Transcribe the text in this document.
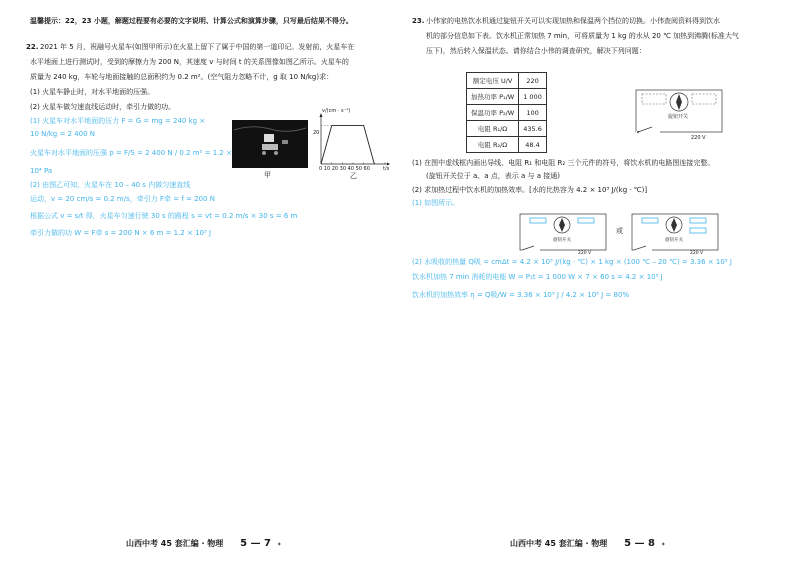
温馨提示：22，23 小题，解题过程要有必要的文字说明、计算公式和演算步骤，只写最后结果不得分。
22. 2021 年 5 月，祝融号火星车(如图甲所示)在火星上留下了属于中国的第一道印记。发射前，火星车在
水平地面上进行测试时，受到的摩擦力为 200 N，其速度 v 与时间 t 的关系图像如图乙所示。火星车的
质量为 240 kg，车轮与地面接触的总面积约为 0.2 m²。(空气阻力忽略不计，g 取 10 N/kg)求：
(1) 火星车静止时，对水平地面的压强。
(2) 火星车做匀速直线运动时，牵引力做的功。
(1) 火星车对水平地面的压力 F = G = mg = 240 kg ×
10 N/kg = 2 400 N
火星车对水平地面的压强 p = F/S = 2 400 N / 0.2 m² = 1.2 ×
10⁴ Pa
(2) 由图乙可知，火星车在 10 – 40 s 内做匀速直线
运动，v = 20 cm/s = 0.2 m/s，牵引力 F牵 = f = 200 N
根据公式 v = s/t 得，火星车匀速行驶 30 s 的路程 s = vt = 0.2 m/s × 30 s = 6 m
牵引力做的功 W = F牵 s = 200 N × 6 m = 1.2 × 10³ J
甲
v/(cm · s⁻¹)
20
0 10 20 30 40 50 60	t/s
乙
山西中考 45 套汇编 · 物理 5 — 7 ◈
23. 小伟家的电热饮水机通过旋钮开关可以实现加热和保温两个挡位的切换。小伟查阅资料得到饮水
机的部分信息如下表。饮水机正常加热 7 min，可将质量为 1 kg 的水从 20 ℃ 加热到沸腾(标准大气
压下)，然后转入保温状态。请你结合小伟的调查研究，解决下列问题：
额定电压 U/V	220
加热功率 P₁/W	1 000
保温功率 P₂/W	100
电阻 R₁/Ω	435.6
电阻 R₂/Ω	48.4
旋钮开关
220 V
(1) 在图中虚线框内画出导线、电阻 R₁ 和电阻 R₂ 三个元件的符号，将饮水机的电路图连接完整。
(旋钮开关位于 a、a 点，表示 a 与 a 接通)
(2) 求加热过程中饮水机的加热效率。[水的比热容为 4.2 × 10³ J/(kg · ℃)]
(1) 如图所示。
旋钮开关
220 V
或
旋钮开关
220 V
(2) 水吸收的热量 Q吸 = cmΔt = 4.2 × 10³ J/(kg · ℃) × 1 kg × (100 ℃ – 20 ℃) = 3.36 × 10⁵ J
饮水机加热 7 min 消耗的电能 W = P₁t = 1 000 W × 7 × 60 s = 4.2 × 10⁵ J
饮水机的加热效率 η = Q吸/W = 3.36 × 10⁵ J / 4.2 × 10⁵ J = 80%
山西中考 45 套汇编 · 物理 5 — 8 ◈
